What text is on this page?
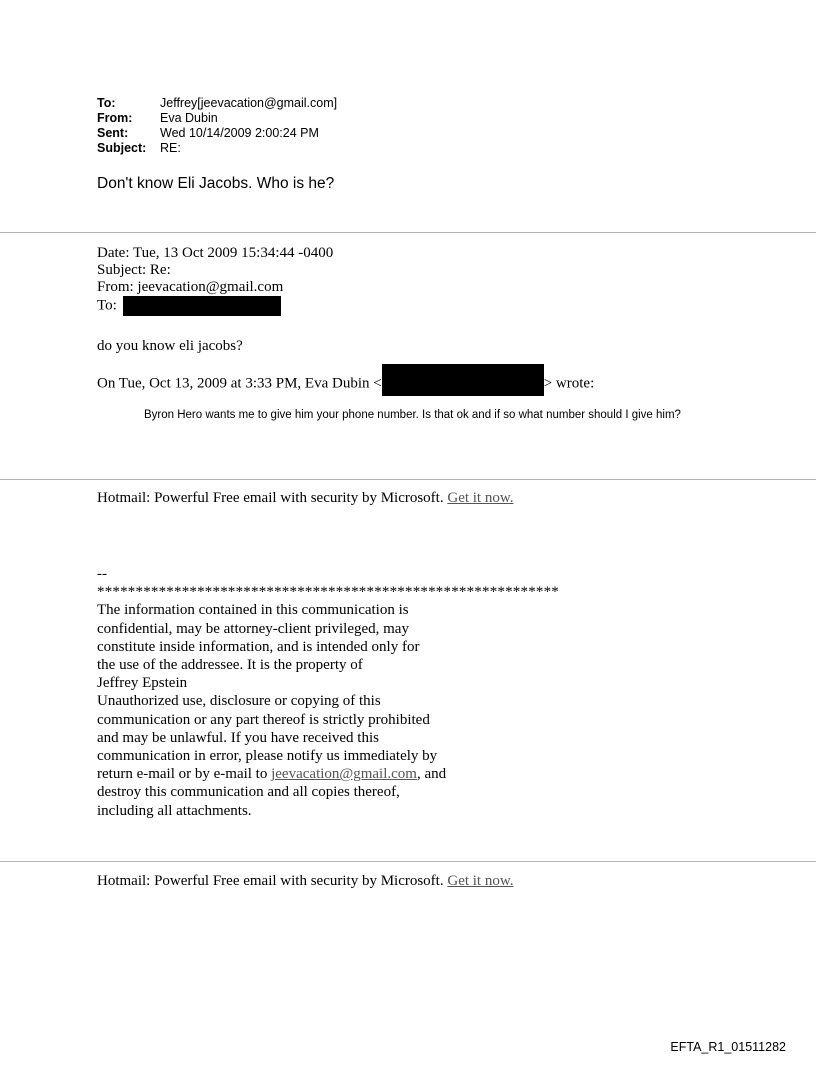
To:	Jeffrey[jeevacation@gmail.com]
From:	Eva Dubin
Sent:	Wed 10/14/2009 2:00:24 PM
Subject:	RE:
Don't know Eli Jacobs. Who is he?
Date: Tue, 13 Oct 2009 15:34:44 -0400
Subject: Re:
From: jeevacation@gmail.com
To:
do you know eli jacobs?
On Tue, Oct 13, 2009 at 3:33 PM, Eva Dubin <	> wrote:
Byron Hero wants me to give him your phone number. Is that ok and if so what number should I give him?
Hotmail: Powerful Free email with security by Microsoft. Get it now.
--
************************************************************
The information contained in this communication is
confidential, may be attorney-client privileged, may
constitute inside information, and is intended only for
the use of the addressee. It is the property of
Jeffrey Epstein
Unauthorized use, disclosure or copying of this
communication or any part thereof is strictly prohibited
and may be unlawful. If you have received this
communication in error, please notify us immediately by
return e-mail or by e-mail to jeevacation@gmail.com, and
destroy this communication and all copies thereof,
including all attachments.
Hotmail: Powerful Free email with security by Microsoft. Get it now.
EFTA_R1_01511282
